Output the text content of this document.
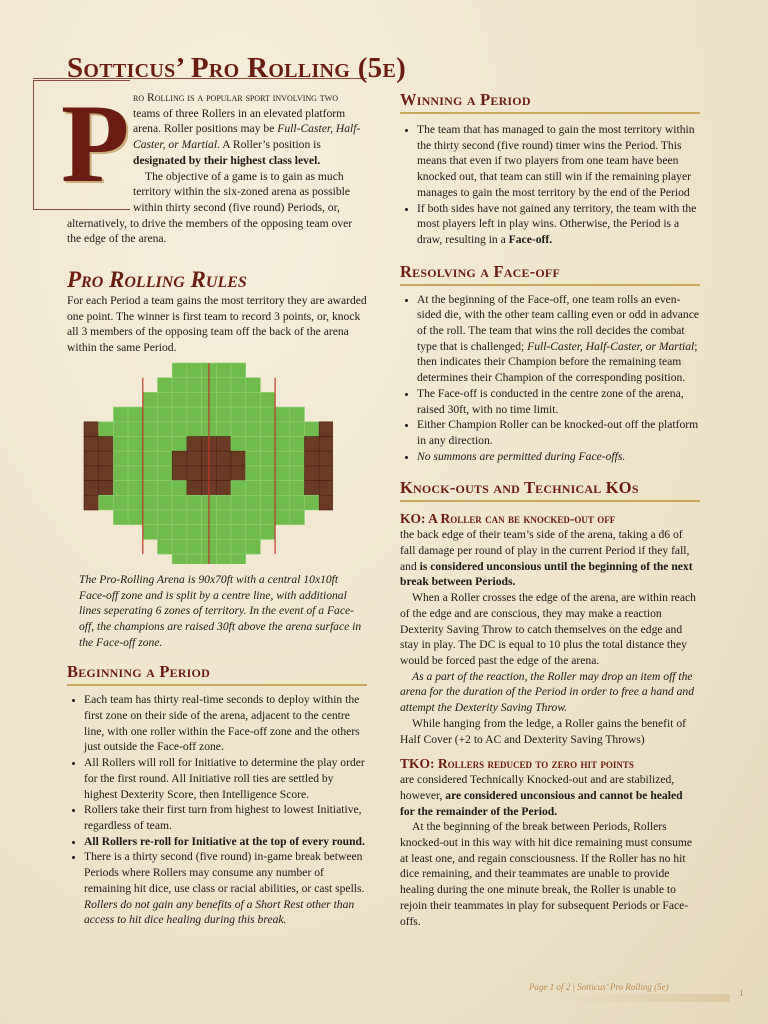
Sotticus’ Pro Rolling (5e)
P ro Rolling is a popular sport involving two teams of three Rollers in an elevated platform arena. Roller positions may be Full-Caster, Half-Caster, or Martial. A Roller’s position is designated by their highest class level.

The objective of a game is to gain as much territory within the six-zoned arena as possible within thirty second (five round) Periods, or, alternatively, to drive the members of the opposing team over the edge of the arena.

Pro Rolling Rules

For each Period a team gains the most territory they are awarded one point. The winner is first team to record 3 points, or, knock all 3 members of the opposing team off the back of the arena within the same Period.

The Pro-Rolling Arena is 90x70ft with a central 10x10ft Face-off zone and is split by a centre line, with additional lines seperating 6 zones of territory. In the event of a Face-off, the champions are raised 30ft above the arena surface in the Face-off zone.

Beginning a Period
• Each team has thirty real-time seconds to deploy within the first zone on their side of the arena, adjacent to the centre line, with one roller within the Face-off zone and the others just outside the Face-off zone.
• All Rollers will roll for Initiative to determine the play order for the first round. All Initiative roll ties are settled by highest Dexterity Score, then Intelligence Score.
• Rollers take their first turn from highest to lowest Initiative, regardless of team.
• All Rollers re-roll for Initiative at the top of every round.
• There is a thirty second (five round) in-game break between Periods where Rollers may consume any number of remaining hit dice, use class or racial abilities, or cast spells. Rollers do not gain any benefits of a Short Rest other than access to hit dice healing during this break.
Winning a Period
• The team that has managed to gain the most territory within the thirty second (five round) timer wins the Period. This means that even if two players from one team have been knocked out, that team can still win if the remaining player manages to gain the most territory by the end of the Period
• If both sides have not gained any territory, the team with the most players left in play wins. Otherwise, the Period is a draw, resulting in a Face-off.
Resolving a Face-off
• At the beginning of the Face-off, one team rolls an even-sided die, with the other team calling even or odd in advance of the roll. The team that wins the roll decides the combat type that is challenged; Full-Caster, Half-Caster, or Martial; then indicates their Champion before the remaining team determines their Champion of the corresponding position.
• The Face-off is conducted in the centre zone of the arena, raised 30ft, with no time limit.
• Either Champion Roller can be knocked-out off the platform in any direction.
• No summons are permitted during Face-offs.
Knock-outs and Technical KOs
KO: A Roller can be knocked-out off

the back edge of their team’s side of the arena, taking a d6 of fall damage per round of play in the current Period if they fall, and is considered unconsious until the beginning of the next break between Periods.

When a Roller crosses the edge of the arena, are within reach of the edge and are conscious, they may make a reaction Dexterity Saving Throw to catch themselves on the edge and stay in play. The DC is equal to 10 plus the total distance they would be forced past the edge of the arena.

As a part of the reaction, the Roller may drop an item off the arena for the duration of the Period in order to free a hand and attempt the Dexterity Saving Throw.

While hanging from the ledge, a Roller gains the benefit of Half Cover (+2 to AC and Dexterity Saving Throws)

TKO: Rollers reduced to zero hit points

are considered Technically Knocked-out and are stabilized, however, are considered unconsious and cannot be healed for the remainder of the Period.

At the beginning of the break between Periods, Rollers knocked-out in this way with hit dice remaining must consume at least one, and regain consciousness. If the Roller has no hit dice remaining, and their teammates are unable to provide healing during the one minute break, the Roller is unable to rejoin their teammates in play for subsequent Periods or Face-offs.

Page 1 of 2 | Sotticus’ Pro Rolling (5e)
1
